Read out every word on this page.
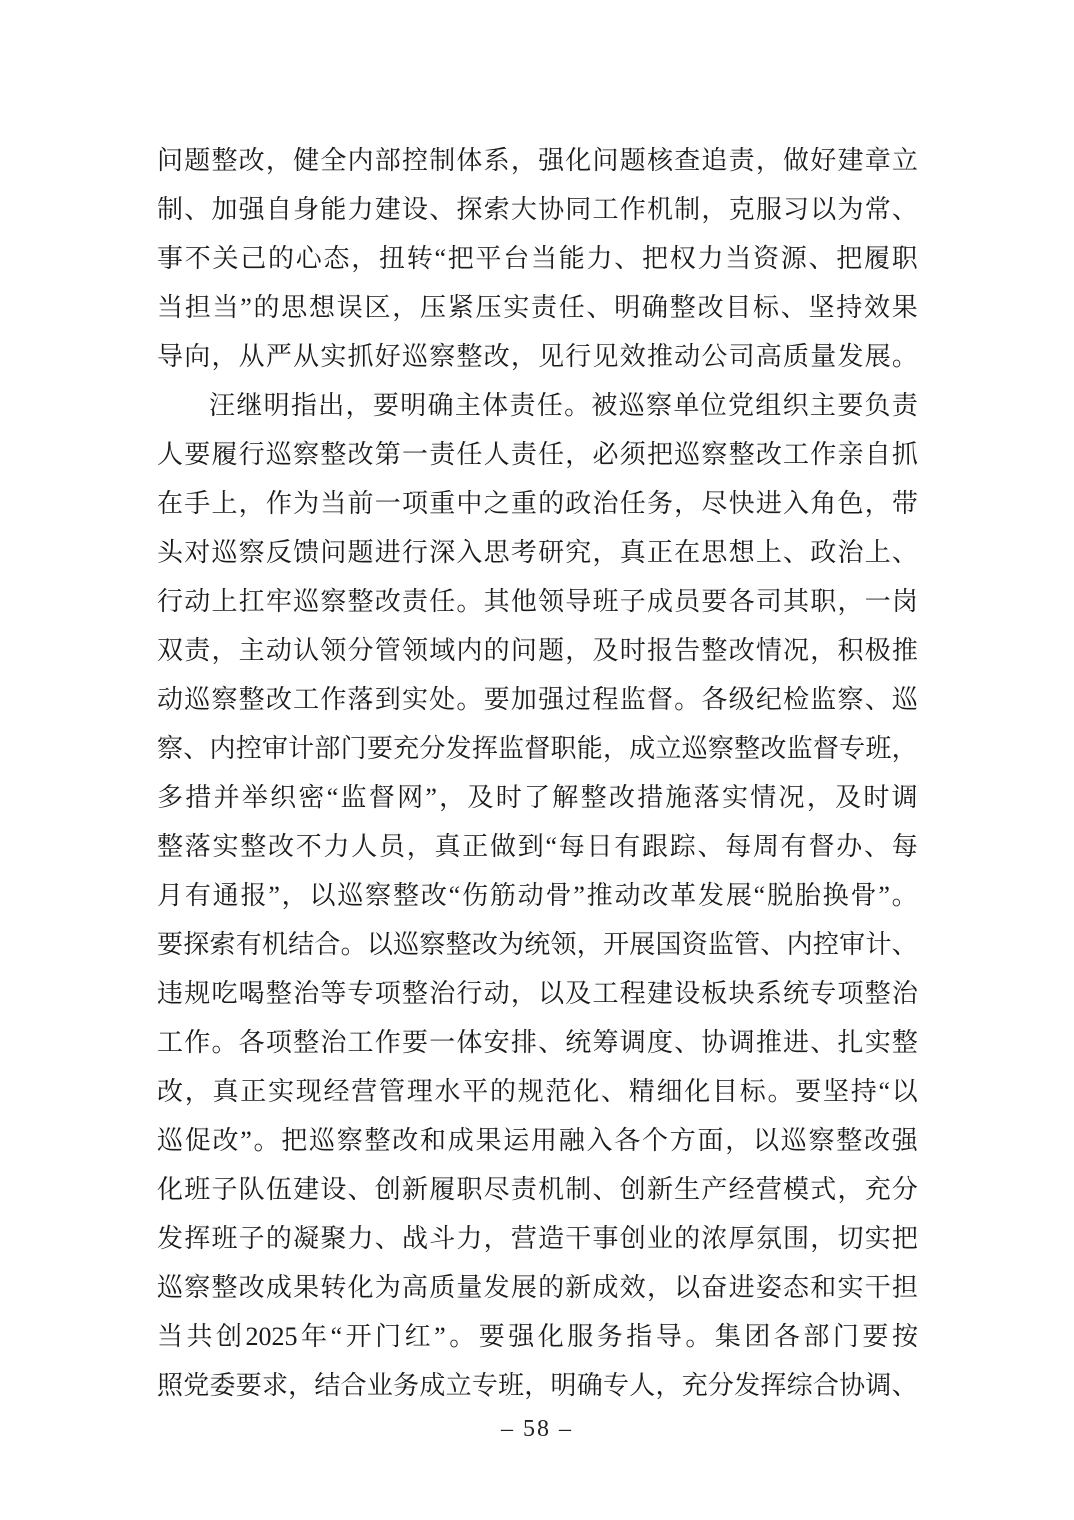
问 题 整 改 ， 健 全 内 部 控 制 体 系 ， 强 化 问 题 核 查 追 责 ， 做 好 建 章 立
制 、 加 强 自 身 能 力 建 设 、 探 索 大 协 同 工 作 机 制 ， 克 服 习 以 为 常 、
事 不 关 己 的 心 态 ， 扭 转 “ 把 平 台 当 能 力 、 把 权 力 当 资 源 、 把 履 职
当 担 当 ” 的 思 想 误 区 ， 压 紧 压 实 责 任 、 明 确 整 改 目 标 、 坚 持 效 果
导 向 ， 从 严 从 实 抓 好 巡 察 整 改 ， 见 行 见 效 推 动 公 司 高 质 量 发 展 。
汪 继 明 指 出 ， 要 明 确 主 体 责 任 。 被 巡 察 单 位 党 组 织 主 要 负 责
人 要 履 行 巡 察 整 改 第 一 责 任 人 责 任 ， 必 须 把 巡 察 整 改 工 作 亲 自 抓
在 手 上 ， 作 为 当 前 一 项 重 中 之 重 的 政 治 任 务 ， 尽 快 进 入 角 色 ， 带
头 对 巡 察 反 馈 问 题 进 行 深 入 思 考 研 究 ， 真 正 在 思 想 上 、 政 治 上 、
行 动 上 扛 牢 巡 察 整 改 责 任 。 其 他 领 导 班 子 成 员 要 各 司 其 职 ， 一 岗
双 责 ， 主 动 认 领 分 管 领 域 内 的 问 题 ， 及 时 报 告 整 改 情 况 ， 积 极 推
动 巡 察 整 改 工 作 落 到 实 处 。 要 加 强 过 程 监 督 。 各 级 纪 检 监 察 、 巡
察 、 内 控 审 计 部 门 要 充 分 发 挥 监 督 职 能 ， 成 立 巡 察 整 改 监 督 专 班 ，
多 措 并 举 织 密 “ 监 督 网 ” ， 及 时 了 解 整 改 措 施 落 实 情 况 ， 及 时 调
整 落 实 整 改 不 力 人 员 ， 真 正 做 到 “ 每 日 有 跟 踪 、 每 周 有 督 办 、 每
月 有 通 报 ” ， 以 巡 察 整 改 “ 伤 筋 动 骨 ” 推 动 改 革 发 展 “ 脱 胎 换 骨 ” 。
要 探 索 有 机 结 合 。 以 巡 察 整 改 为 统 领 ， 开 展 国 资 监 管 、 内 控 审 计 、
违 规 吃 喝 整 治 等 专 项 整 治 行 动 ， 以 及 工 程 建 设 板 块 系 统 专 项 整 治
工 作 。 各 项 整 治 工 作 要 一 体 安 排 、 统 筹 调 度 、 协 调 推 进 、 扎 实 整
改 ， 真 正 实 现 经 营 管 理 水 平 的 规 范 化 、 精 细 化 目 标 。 要 坚 持 “ 以
巡 促 改 ” 。 把 巡 察 整 改 和 成 果 运 用 融 入 各 个 方 面 ， 以 巡 察 整 改 强
化 班 子 队 伍 建 设 、 创 新 履 职 尽 责 机 制 、 创 新 生 产 经 营 模 式 ， 充 分
发 挥 班 子 的 凝 聚 力 、 战 斗 力 ， 营 造 干 事 创 业 的 浓 厚 氛 围 ， 切 实 把
巡 察 整 改 成 果 转 化 为 高 质 量 发 展 的 新 成 效 ， 以 奋 进 姿 态 和 实 干 担
当 共 创 2025 年 “ 开 门 红 ” 。 要 强 化 服 务 指 导 。 集 团 各 部 门 要 按
照 党 委 要 求 ， 结 合 业 务 成 立 专 班 ， 明 确 专 人 ， 充 分 发 挥 综 合 协 调 、
– 58 –
